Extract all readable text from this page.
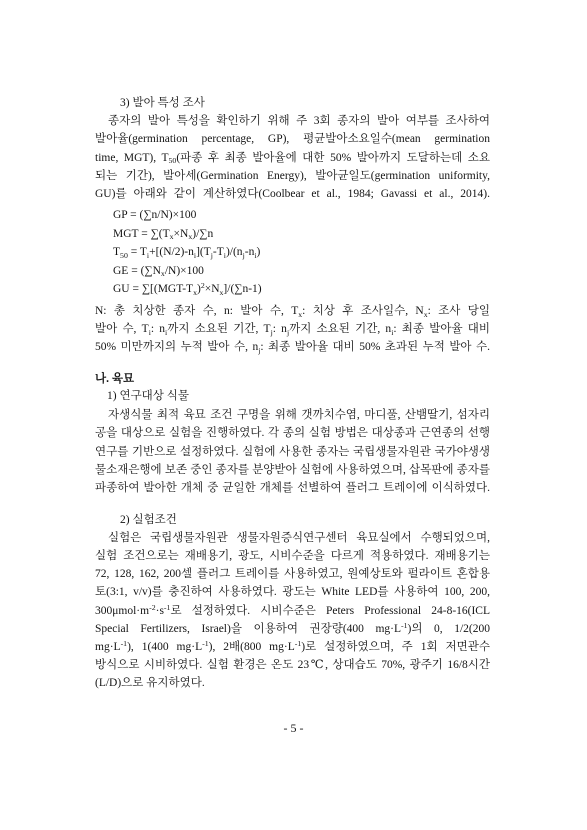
3) 발아 특성 조사
종자의 발아 특성을 확인하기 위해 주 3회 종자의 발아 여부를 조사하여
발아율(germination percentage, GP), 평균발아소요일수(mean germination
time, MGT), $T_{50}$(파종 후 최종 발아율에 대한 50% 발아까지 도달하는데 소요
되는 기간), 발아세(Germination Energy), 발아균일도(germination uniformity,
GU)를 아래와 같이 계산하였다(Coolbear et al., 1984; Gavassi et al., 2014).
GP = (∑n/N)×100
MGT = $\sum(T_x\times N_x)/\sum n$
$T_{50} = T_i+[(N/2)-n_i](T_j-T_i)/(n_j-n_i)$
GE = $(\sum N_x/N)\times 100$
GU = $\sum[(MGT-T_x)^2\times N_x]/(\sum n-1)$
N: 총 치상한 종자 수, n: 발아 수, $T_x$: 치상 후 조사일수, $N_x$: 조사 당일
발아 수, $T_i$: $n_i$까지 소요된 기간, $T_j$: $n_j$까지 소요된 기간, $n_i$: 최종 발아율 대비
50% 미만까지의 누적 발아 수, $n_j$: 최종 발아율 대비 50% 초과된 누적 발아 수.
나. 육묘
1) 연구대상 식물
자생식물 최적 육묘 조건 구명을 위해 갯까치수염, 마디풀, 산뱀딸기, 섬자리
공을 대상으로 실험을 진행하였다. 각 종의 실험 방법은 대상종과 근연종의 선행
연구를 기반으로 설정하였다. 실험에 사용한 종자는 국립생물자원관 국가야생생
물소재은행에 보존 중인 종자를 분양받아 실험에 사용하였으며, 삽목판에 종자를
파종하여 발아한 개체 중 균일한 개체를 선별하여 플러그 트레이에 이식하였다.
2) 실험조건
실험은 국립생물자원관 생물자원증식연구센터 육묘실에서 수행되었으며,
실험 조건으로는 재배용기, 광도, 시비수준을 다르게 적용하였다. 재배용기는
72, 128, 162, 200셀 플러그 트레이를 사용하였고, 원예상토와 펄라이트 혼합용
토(3:1, v/v)를 충진하여 사용하였다. 광도는 White LED를 사용하여 100, 200,
$300\mu mol\cdot m^{-2}\cdot s^{-1}$로 설정하였다. 시비수준은 Peters Professional 24-8-16(ICL
Special Fertilizers, Israel)을 이용하여 권장량(400 $mg\cdot L^{-1}$)의 0, 1/2(200
$mg\cdot L^{-1}$), 1(400 $mg\cdot L^{-1}$), 2배(800 $mg\cdot L^{-1}$)로 설정하였으며, 주 1회 저면관수
방식으로 시비하였다. 실험 환경은 온도 23℃, 상대습도 70%, 광주기 16/8시간
(L/D)으로 유지하였다.
- 5 -
